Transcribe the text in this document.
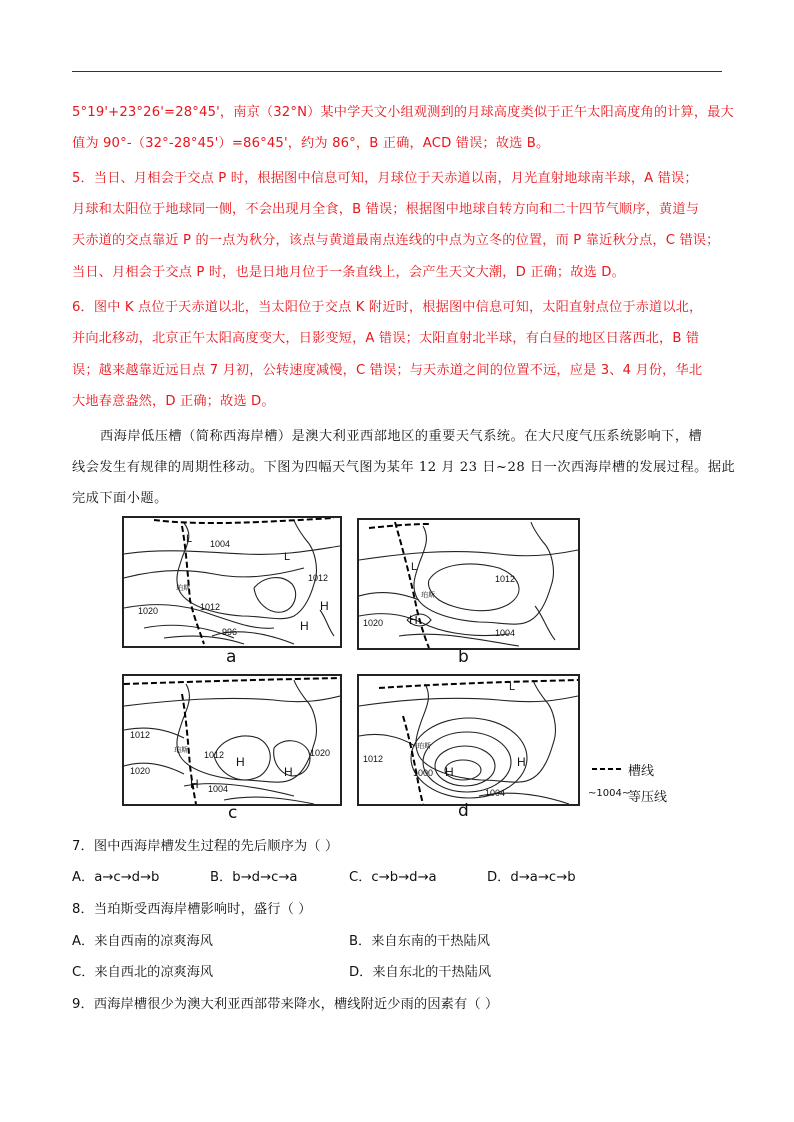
5°19'+23°26'=28°45'，南京（32°N）某中学天文小组观测到的月球高度类似于正午太阳高度角的计算，最大
值为 90°-（32°-28°45'）=86°45'，约为 86°，B 正确，ACD 错误；故选 B。
5．当日、月相会于交点 P 时，根据图中信息可知，月球位于天赤道以南，月光直射地球南半球，A 错误；
月球和太阳位于地球同一侧，不会出现月全食，B 错误；根据图中地球自转方向和二十四节气顺序，黄道与
天赤道的交点靠近 P 的一点为秋分，该点与黄道最南点连线的中点为立冬的位置，而 P 靠近秋分点，C 错误；
当日、月相会于交点 P 时，也是日地月位于一条直线上，会产生天文大潮，D 正确；故选 D。
6．图中 K 点位于天赤道以北，当太阳位于交点 K 附近时，根据图中信息可知，太阳直射点位于赤道以北，
并向北移动，北京正午太阳高度变大，日影变短，A 错误；太阳直射北半球，有白昼的地区日落西北，B 错
误；越来越靠近远日点 7 月初，公转速度减慢，C 错误；与天赤道之间的位置不远，应是 3、4 月份，华北
大地春意盎然，D 正确；故选 D。
西海岸低压槽（简称西海岸槽）是澳大利亚西部地区的重要天气系统。在大尺度气压系统影响下，槽
线会发生有规律的周期性移动。下图为四幅天气图为某年 12 月 23 日~28 日一次西海岸槽的发展过程。据此
完成下面小题。
1004
1012
1020	1012
996
珀斯
L
L
H
H
a
1012
1020
1004
珀斯
L
H
b
1012
1012
1020
1020
1004
珀斯
H
H
H
c
1012
1000
1004
珀斯
L
H
H
d
槽线
~1004~
等压线
7．图中西海岸槽发生过程的先后顺序为（ ）
A．a→c→d→b	B．b→d→c→a	C．c→b→d→a	D．d→a→c→b
8．当珀斯受西海岸槽影响时，盛行（ ）
A．来自西南的凉爽海风	B．来自东南的干热陆风
C．来自西北的凉爽海风	D．来自东北的干热陆风
9．西海岸槽很少为澳大利亚西部带来降水，槽线附近少雨的因素有（ ）
